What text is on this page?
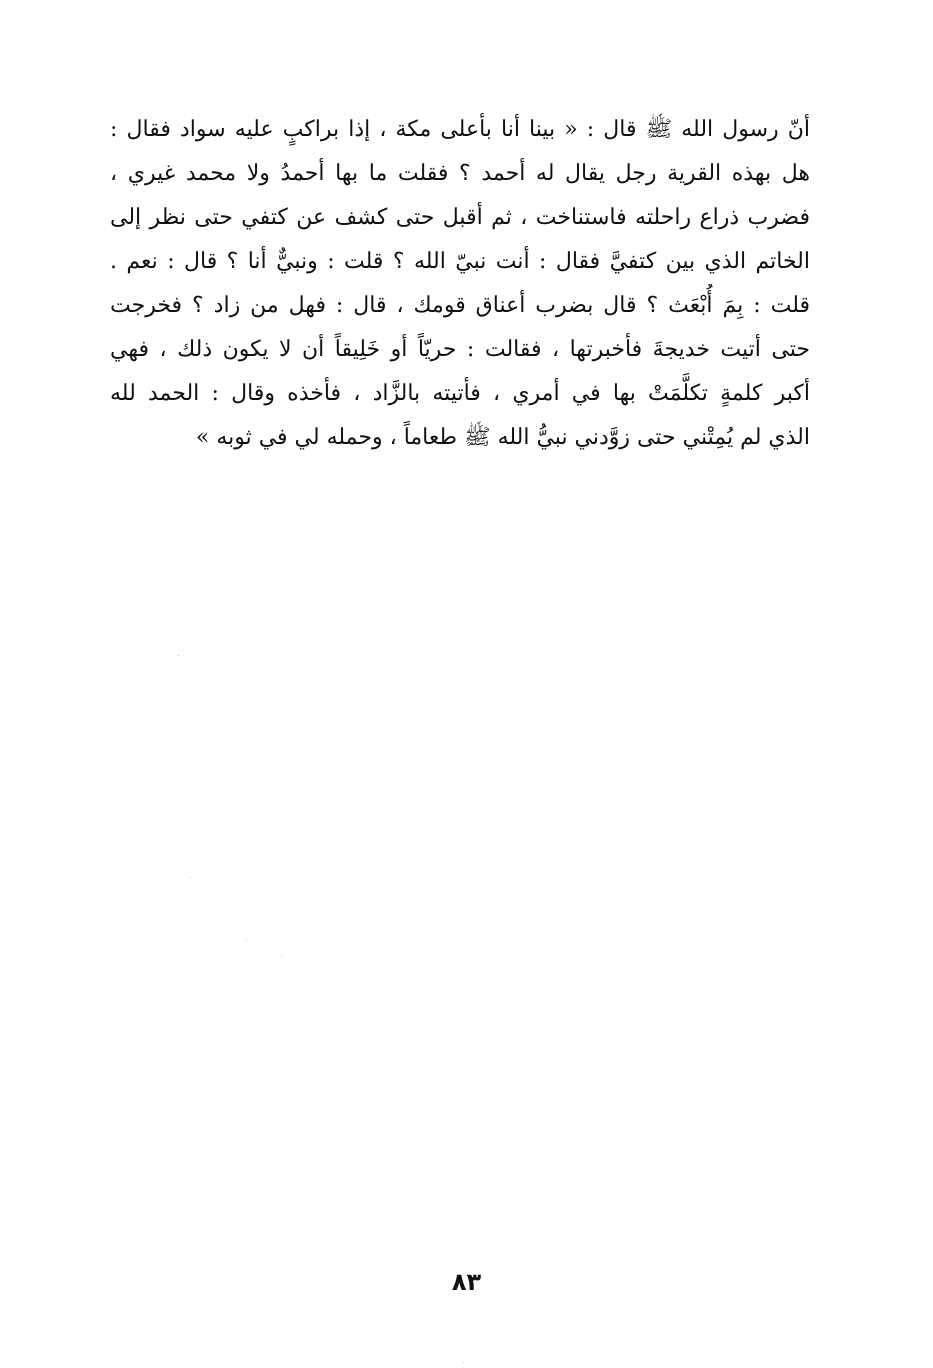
أنّ رسول الله ﷺ قال : « بينا أنا بأعلى مكة ، إذا براكبٍ عليه سواد فقال :
هل بهذه القرية رجل يقال له أحمد ؟ فقلت ما بها أحمدُ ولا محمد غيري ،
فضرب ذراع راحلته فاستناخت ، ثم أقبل حتى كشف عن كتفي حتى نظر إلى
الخاتم الذي بين كتفيَّ فقال : أنت نبيّ الله ؟ قلت : ونبيٌّ أنا ؟ قال : نعم .
قلت : بِمَ أُبْعَث ؟ قال بضرب أعناق قومك ، قال : فهل من زاد ؟ فخرجت
حتى أتيت خديجةَ فأخبرتها ، فقالت : حريّاً أو خَلِيقاً أن لا يكون ذلك ، فهي
أكبر كلمةٍ تكلَّمَتْ بها في أمري ، فأتيته بالزَّاد ، فأخذه وقال : الحمد لله
الذي لم يُمِتْني حتى زوَّدني نبيُّ الله ﷺ طعاماً ، وحمله لي في ثوبه »
٨٣
